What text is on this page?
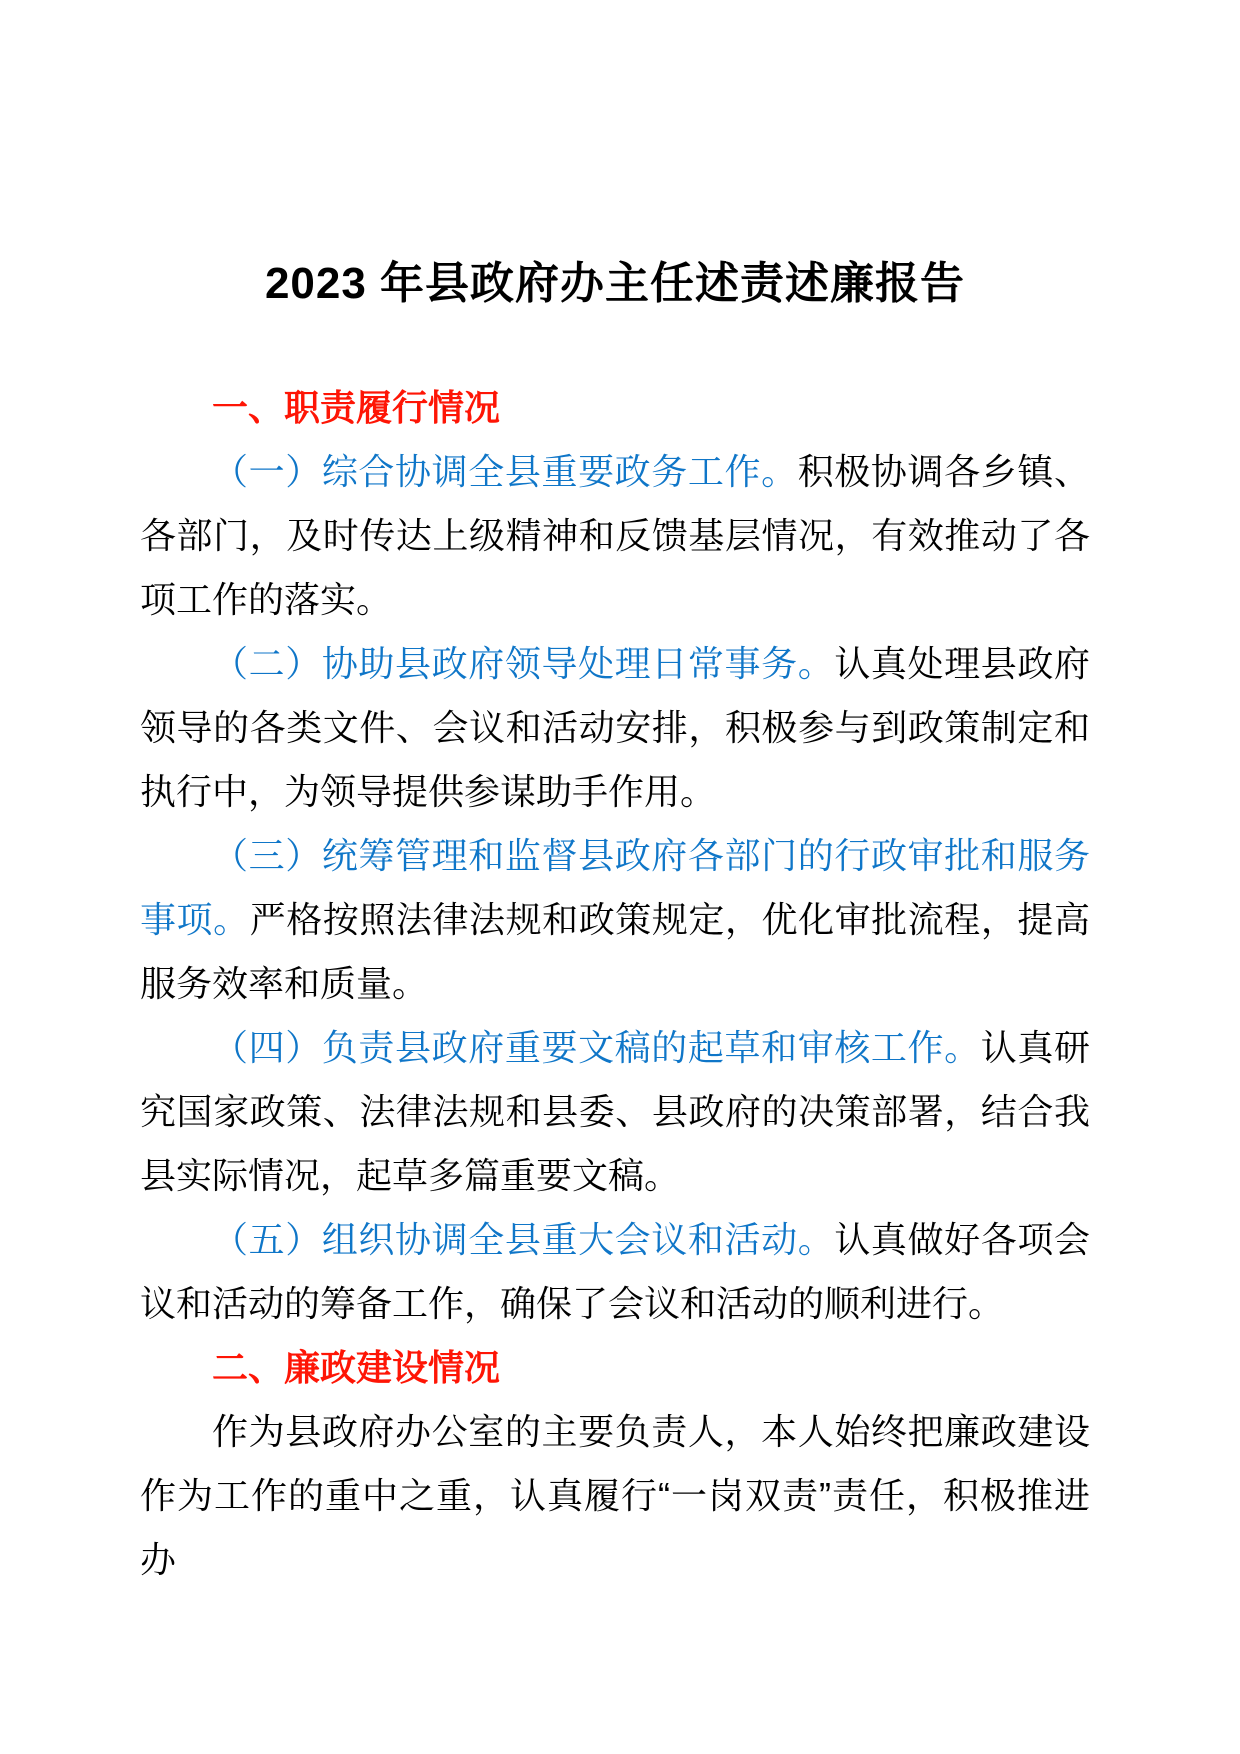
2023 年县政府办主任述责述廉报告
一、职责履行情况

（一）综合协调全县重要政务工作。积极协调各乡镇、各部门，及时传达上级精神和反馈基层情况，有效推动了各项工作的落实。

（二）协助县政府领导处理日常事务。认真处理县政府领导的各类文件、会议和活动安排，积极参与到政策制定和执行中，为领导提供参谋助手作用。

（三）统筹管理和监督县政府各部门的行政审批和服务事项。严格按照法律法规和政策规定，优化审批流程，提高服务效率和质量。

（四）负责县政府重要文稿的起草和审核工作。认真研究国家政策、法律法规和县委、县政府的决策部署，结合我县实际情况，起草多篇重要文稿。

（五）组织协调全县重大会议和活动。认真做好各项会议和活动的筹备工作，确保了会议和活动的顺利进行。

二、廉政建设情况

作为县政府办公室的主要负责人，本人始终把廉政建设作为工作的重中之重，认真履行“一岗双责”责任，积极推进办
